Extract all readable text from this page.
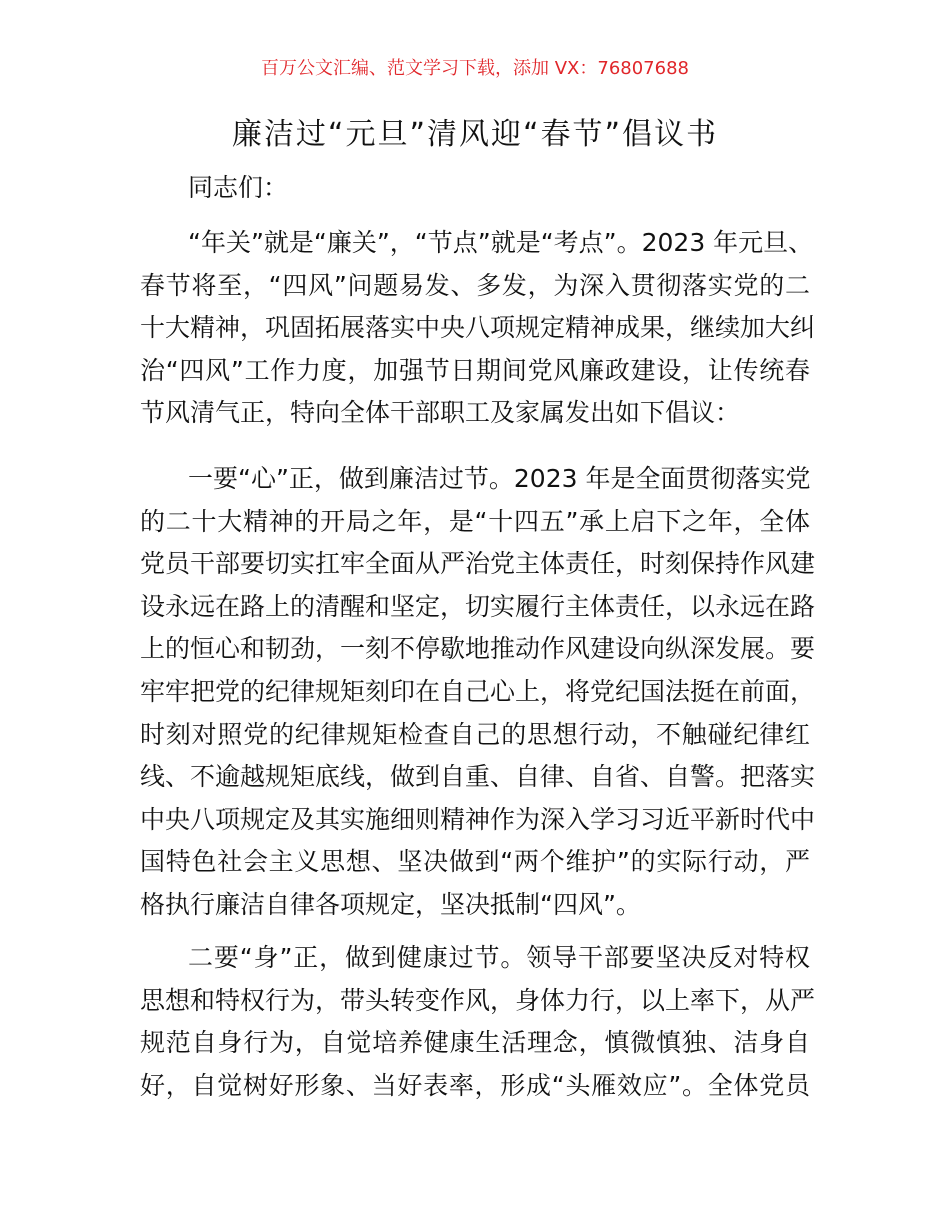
百万公文汇编、范文学习下载，添加 VX：76807688
廉洁过“元旦”清风迎“春节”倡议书
同志们：
“年关”就是“廉关”，“节点”就是“考点”。2023 年元旦、
春节将至，“四风”问题易发、多发，为深入贯彻落实党的二
十大精神，巩固拓展落实中央八项规定精神成果，继续加大纠
治“四风”工作力度，加强节日期间党风廉政建设，让传统春
节风清气正，特向全体干部职工及家属发出如下倡议：
一要“心”正，做到廉洁过节。2023 年是全面贯彻落实党
的二十大精神的开局之年，是“十四五”承上启下之年，全体
党员干部要切实扛牢全面从严治党主体责任，时刻保持作风建
设永远在路上的清醒和坚定，切实履行主体责任，以永远在路
上的恒心和韧劲，一刻不停歇地推动作风建设向纵深发展。要
牢牢把党的纪律规矩刻印在自己心上，将党纪国法挺在前面，
时刻对照党的纪律规矩检查自己的思想行动，不触碰纪律红
线、不逾越规矩底线，做到自重、自律、自省、自警。把落实
中央八项规定及其实施细则精神作为深入学习习近平新时代中
国特色社会主义思想、坚决做到“两个维护”的实际行动，严
格执行廉洁自律各项规定，坚决抵制“四风”。
二要“身”正，做到健康过节。领导干部要坚决反对特权
思想和特权行为，带头转变作风，身体力行，以上率下，从严
规范自身行为，自觉培养健康生活理念，慎微慎独、洁身自
好，自觉树好形象、当好表率，形成“头雁效应”。全体党员
